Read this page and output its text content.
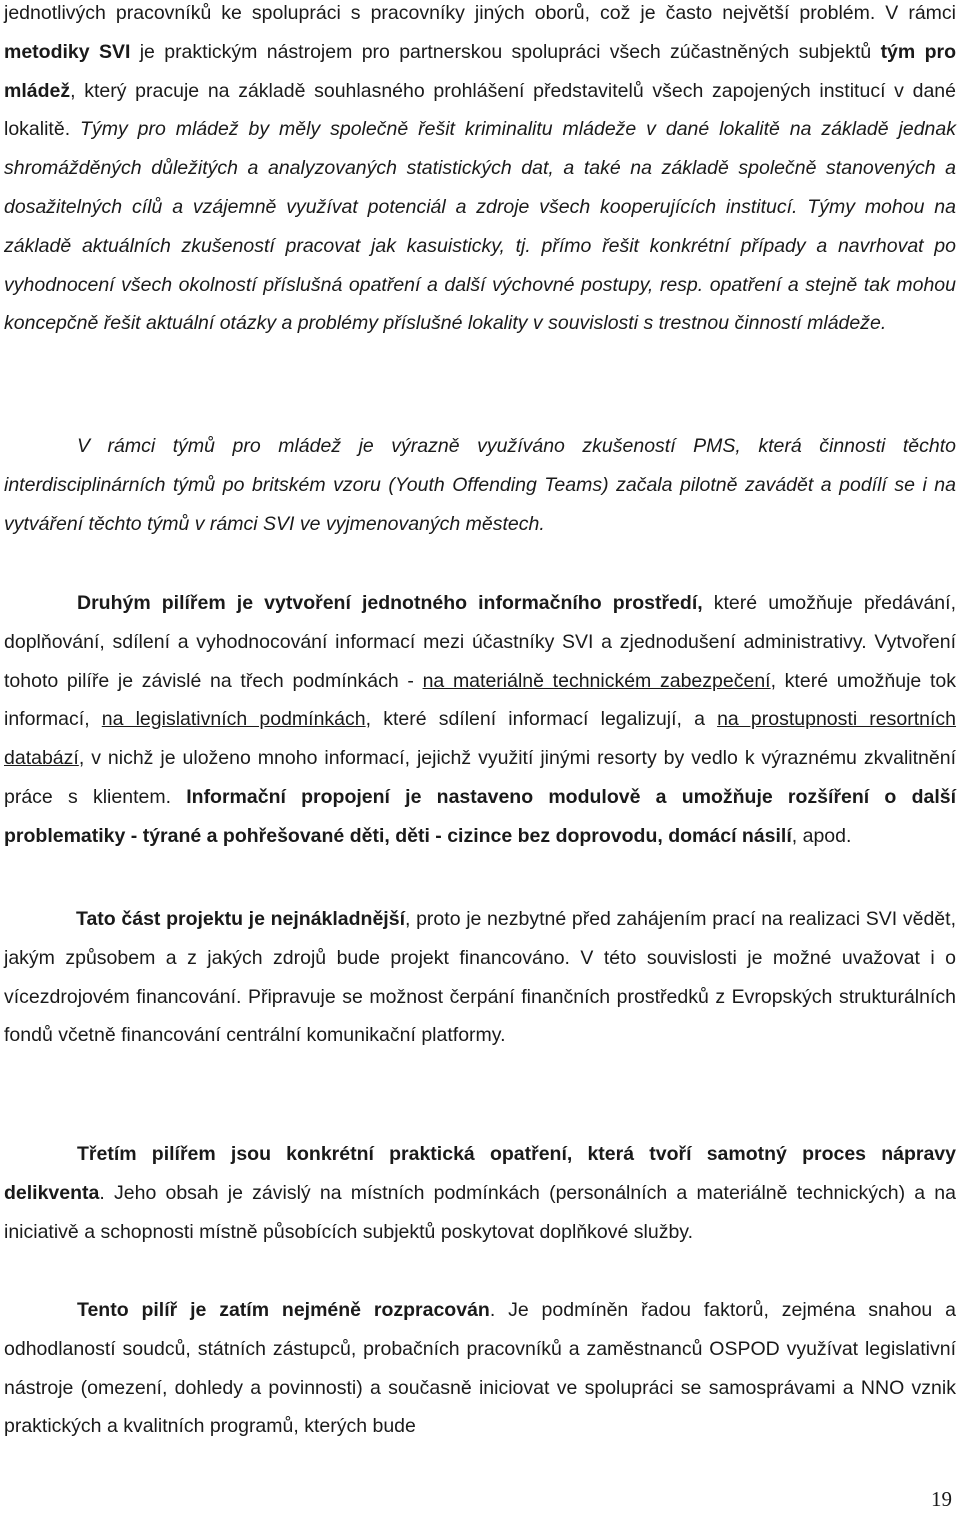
jednotlivých pracovníků ke spolupráci s pracovníky jiných oborů, což je často největší problém. V rámci metodiky SVI je praktickým nástrojem pro partnerskou spolupráci všech zúčastněných subjektů tým pro mládež, který pracuje na základě souhlasného prohlášení představitelů všech zapojených institucí v dané lokalitě. Týmy pro mládež by měly společně řešit kriminalitu mládeže v dané lokalitě na základě jednak shromážděných důležitých a analyzovaných statistických dat, a také na základě společně stanovených a dosažitelných cílů a vzájemně využívat potenciál a zdroje všech kooperujících institucí. Týmy mohou na základě aktuálních zkušeností pracovat jak kasuisticky, tj. přímo řešit konkrétní případy a navrhovat po vyhodnocení všech okolností příslušná opatření a další výchovné postupy, resp. opatření a stejně tak mohou koncepčně řešit aktuální otázky a problémy příslušné lokality v souvislosti s trestnou činností mládeže.

V rámci týmů pro mládež je výrazně využíváno zkušeností PMS, která činnosti těchto interdisciplinárních týmů po britském vzoru (Youth Offending Teams) začala pilotně zavádět a podílí se i na vytváření těchto týmů v rámci SVI ve vyjmenovaných městech.

Druhým pilířem je vytvoření jednotného informačního prostředí, které umožňuje předávání, doplňování, sdílení a vyhodnocování informací mezi účastníky SVI a zjednodušení administrativy. Vytvoření tohoto pilíře je závislé na třech podmínkách - na materiálně technickém zabezpečení, které umožňuje tok informací, na legislativních podmínkách, které sdílení informací legalizují, a na prostupnosti resortních databází, v nichž je uloženo mnoho informací, jejichž využití jinými resorty by vedlo k výraznému zkvalitnění práce s klientem. Informační propojení je nastaveno modulově a umožňuje rozšíření o další problematiky - týrané a pohřešované děti, děti - cizince bez doprovodu, domácí násilí, apod.

Tato část projektu je nejnákladnější, proto je nezbytné před zahájením prací na realizaci SVI vědět, jakým způsobem a z jakých zdrojů bude projekt financováno. V této souvislosti je možné uvažovat i o vícezdrojovém financování. Připravuje se možnost čerpání finančních prostředků z Evropských strukturálních fondů včetně financování centrální komunikační platformy.

Třetím pilířem jsou konkrétní praktická opatření, která tvoří samotný proces nápravy delikventa. Jeho obsah je závislý na místních podmínkách (personálních a materiálně technických) a na iniciativě a schopnosti místně působících subjektů poskytovat doplňkové služby.

Tento pilíř je zatím nejméně rozpracován. Je podmíněn řadou faktorů, zejména snahou a odhodlaností soudců, státních zástupců, probačních pracovníků a zaměstnanců OSPOD využívat legislativní nástroje (omezení, dohledy a povinnosti) a současně iniciovat ve spolupráci se samosprávami a NNO vznik praktických a kvalitních programů, kterých bude

19
